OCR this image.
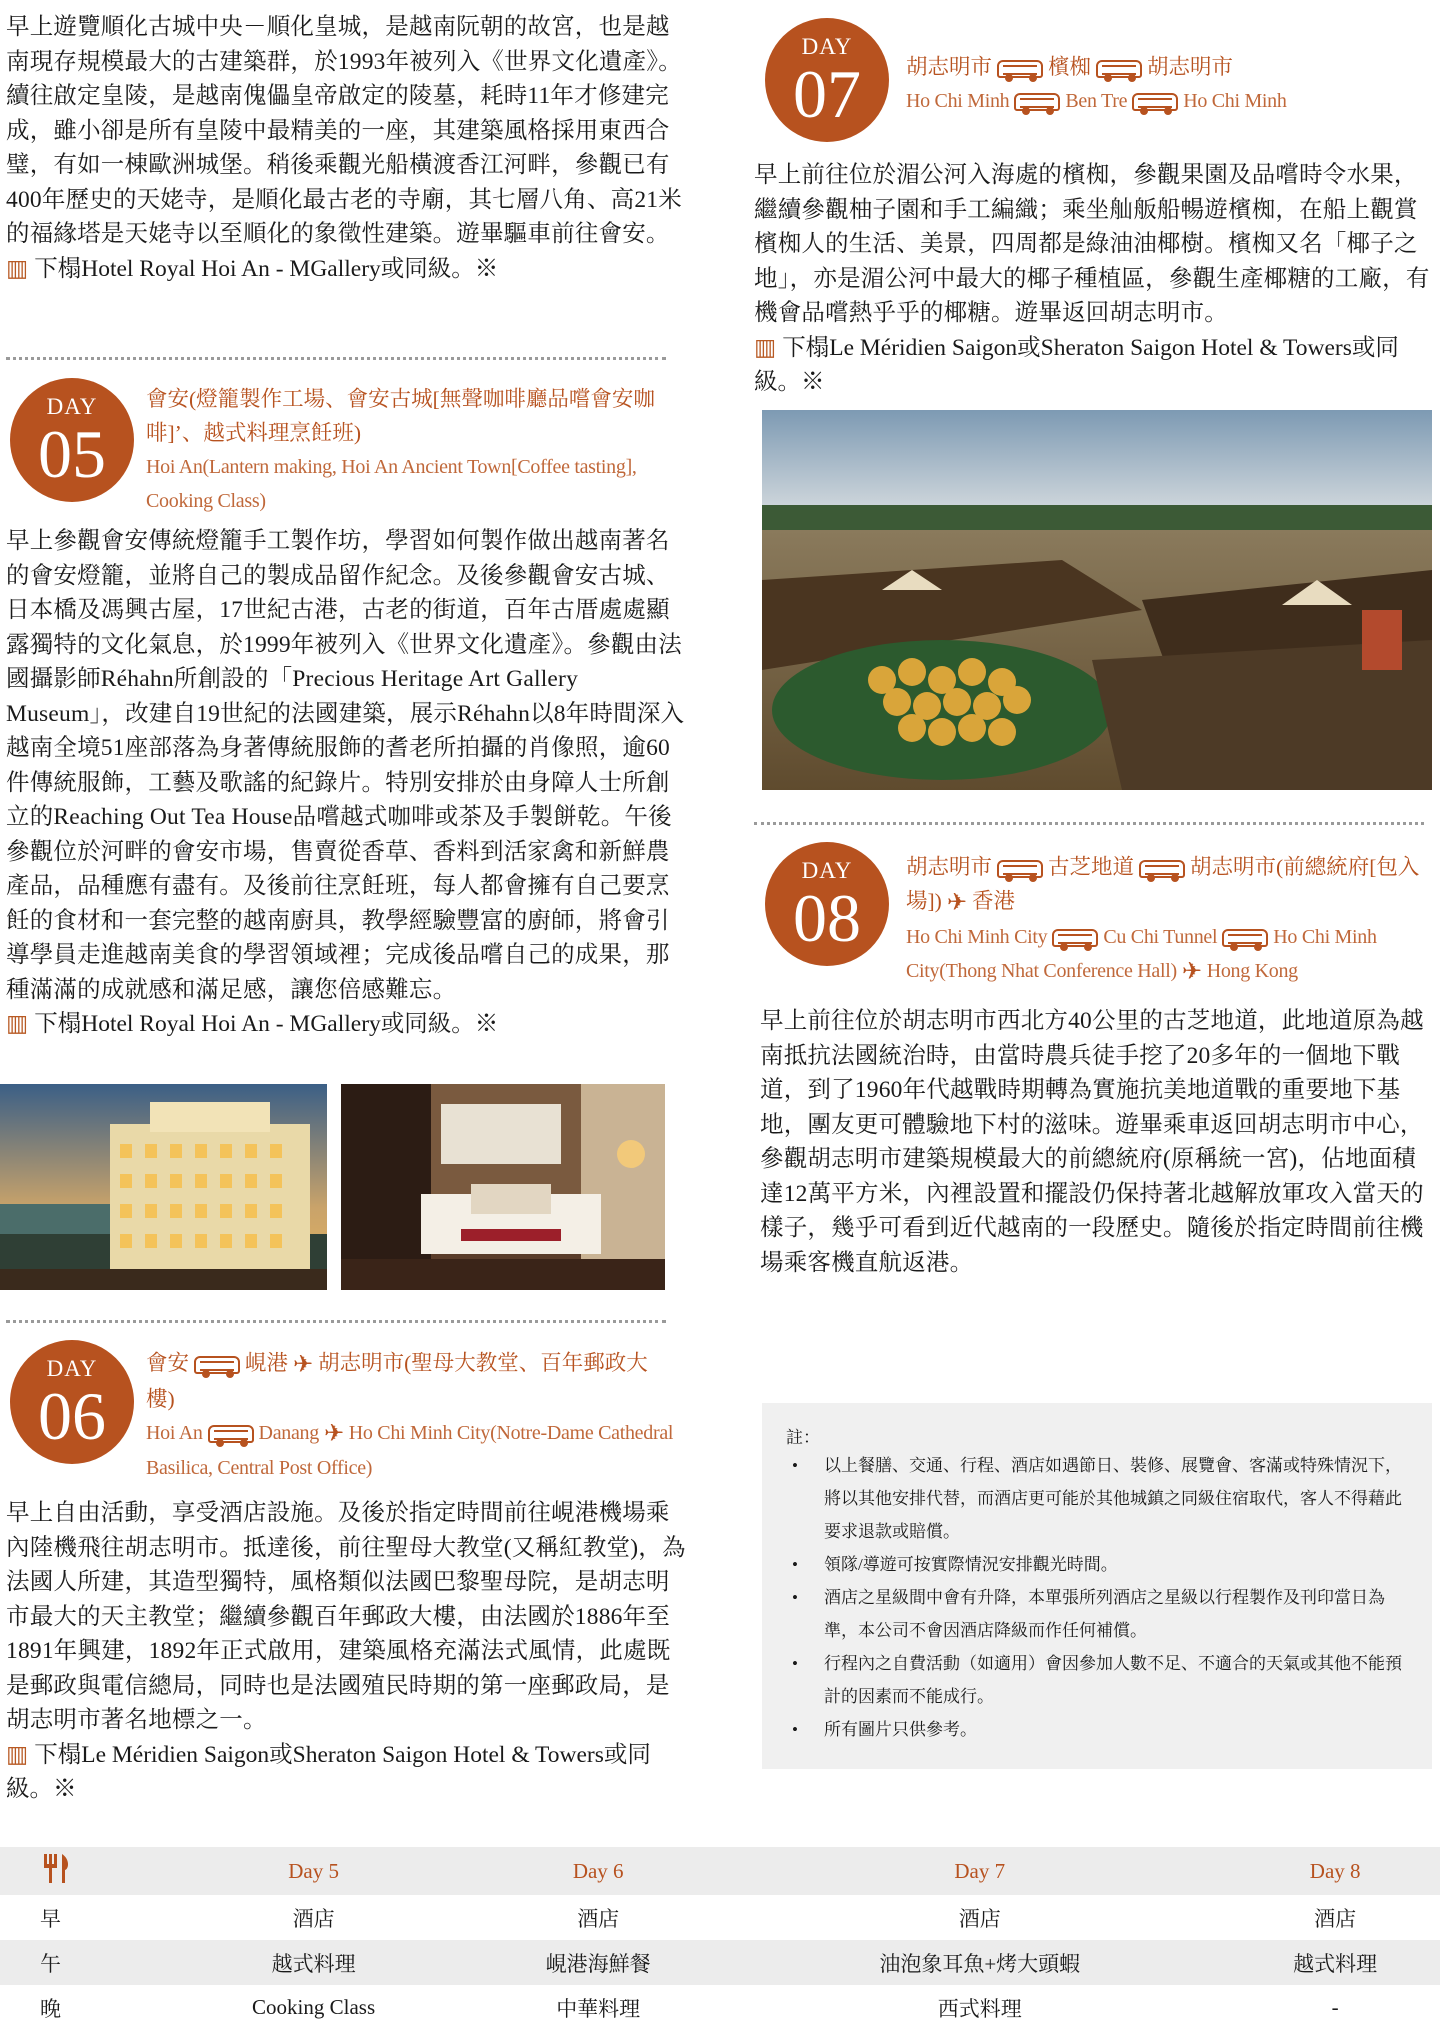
早上遊覽順化古城中央－順化皇城，是越南阮朝的故宮，也是越南現存規模最大的古建築群，於1993年被列入《世界文化遺產》。續往啟定皇陵，是越南傀儡皇帝啟定的陵墓，耗時11年才修建完成，雖小卻是所有皇陵中最精美的一座，其建築風格採用東西合璧，有如一棟歐洲城堡。稍後乘觀光船橫渡香江河畔，參觀已有400年歷史的天姥寺，是順化最古老的寺廟，其七層八角、高21米的福緣塔是天姥寺以至順化的象徵性建築。遊畢驅車前往會安。

▥ 下榻Hotel Royal Hoi An - MGallery或同級。※

DAY
05
會安(燈籠製作工場、會安古城[無聲咖啡廳品嚐會安咖啡]’、越式料理烹飪班)
Hoi An(Lantern making, Hoi An Ancient Town[Coffee tasting], Cooking Class)

早上參觀會安傳統燈籠手工製作坊，學習如何製作做出越南著名的會安燈籠，並將自己的製成品留作紀念。及後參觀會安古城、日本橋及馮興古屋，17世紀古港，古老的街道，百年古厝處處顯露獨特的文化氣息，於1999年被列入《世界文化遺產》。參觀由法國攝影師Réhahn所創設的「Precious Heritage Art Gallery Museum」，改建自19世紀的法國建築，展示Réhahn以8年時間深入越南全境51座部落為身著傳統服飾的耆老所拍攝的肖像照，逾60件傳統服飾，工藝及歌謠的紀錄片。特別安排於由身障人士所創立的Reaching Out Tea House品嚐越式咖啡或茶及手製餅乾。午後參觀位於河畔的會安市場，售賣從香草、香料到活家禽和新鮮農產品，品種應有盡有。及後前往烹飪班，每人都會擁有自己要烹飪的食材和一套完整的越南廚具，教學經驗豐富的廚師，將會引導學員走進越南美食的學習領域裡；完成後品嚐自己的成果，那種滿滿的成就感和滿足感，讓您倍感難忘。

▥ 下榻Hotel Royal Hoi An - MGallery或同級。※

DAY
06
會安	峴港 ✈ 胡志明市(聖母大教堂、百年郵政大樓)
Hoi An	Danang ✈ Ho Chi Minh City(Notre-Dame Cathedral Basilica, Central Post Office)

早上自由活動，享受酒店設施。及後於指定時間前往峴港機場乘內陸機飛往胡志明市。抵達後，前往聖母大教堂(又稱紅教堂)，為法國人所建，其造型獨特，風格類似法國巴黎聖母院，是胡志明市最大的天主教堂；繼續參觀百年郵政大樓，由法國於1886年至1891年興建，1892年正式啟用，建築風格充滿法式風情，此處既是郵政與電信總局，同時也是法國殖民時期的第一座郵政局，是胡志明市著名地標之一。

▥ 下榻Le Méridien Saigon或Sheraton Saigon Hotel & Towers或同級。※

DAY
07	胡志明市	檳椥	胡志明市
Ho Chi Minh	Ben Tre	Ho Chi Minh

早上前往位於湄公河入海處的檳椥，參觀果園及品嚐時令水果，繼續參觀柚子園和手工編織；乘坐舢舨船暢遊檳椥，在船上觀賞檳椥人的生活、美景，四周都是綠油油椰樹。檳椥又名「椰子之地」，亦是湄公河中最大的椰子種植區，參觀生產椰糖的工廠，有機會品嚐熱乎乎的椰糖。遊畢返回胡志明市。

▥ 下榻Le Méridien Saigon或Sheraton Saigon Hotel & Towers或同級。※

DAY
08
胡志明市	古芝地道	胡志明市(前總統府[包入場]) ✈ 香港
Ho Chi Minh City	Cu Chi Tunnel	Ho Chi Minh City(Thong Nhat Conference Hall) ✈ Hong Kong

早上前往位於胡志明市西北方40公里的古芝地道，此地道原為越南抵抗法國統治時，由當時農兵徒手挖了20多年的一個地下戰道，到了1960年代越戰時期轉為實施抗美地道戰的重要地下基地，團友更可體驗地下村的滋味。遊畢乘車返回胡志明市中心，參觀胡志明市建築規模最大的前總統府(原稱統一宮)，佔地面積達12萬平方米，內裡設置和擺設仍保持著北越解放軍攻入當天的樣子，幾乎可看到近代越南的一段歷史。隨後於指定時間前往機場乘客機直航返港。

註：
• 以上餐膳、交通、行程、酒店如遇節日、裝修、展覽會、客滿或特殊情況下，將以其他安排代替，而酒店更可能於其他城鎮之同級住宿取代，客人不得藉此要求退款或賠償。
• 領隊/導遊可按實際情況安排觀光時間。
• 酒店之星級間中會有升降，本單張所列酒店之星級以行程製作及刊印當日為準，本公司不會因酒店降級而作任何補償。
• 行程內之自費活動（如適用）會因參加人數不足、不適合的天氣或其他不能預計的因素而不能成行。
• 所有圖片只供參考。
	Day 5	Day 6	Day 7	Day 8
早	酒店	酒店	酒店	酒店
午	越式料理	峴港海鮮餐	油泡象耳魚+烤大頭蝦	越式料理
晚	Cooking Class	中華料理	西式料理	-
